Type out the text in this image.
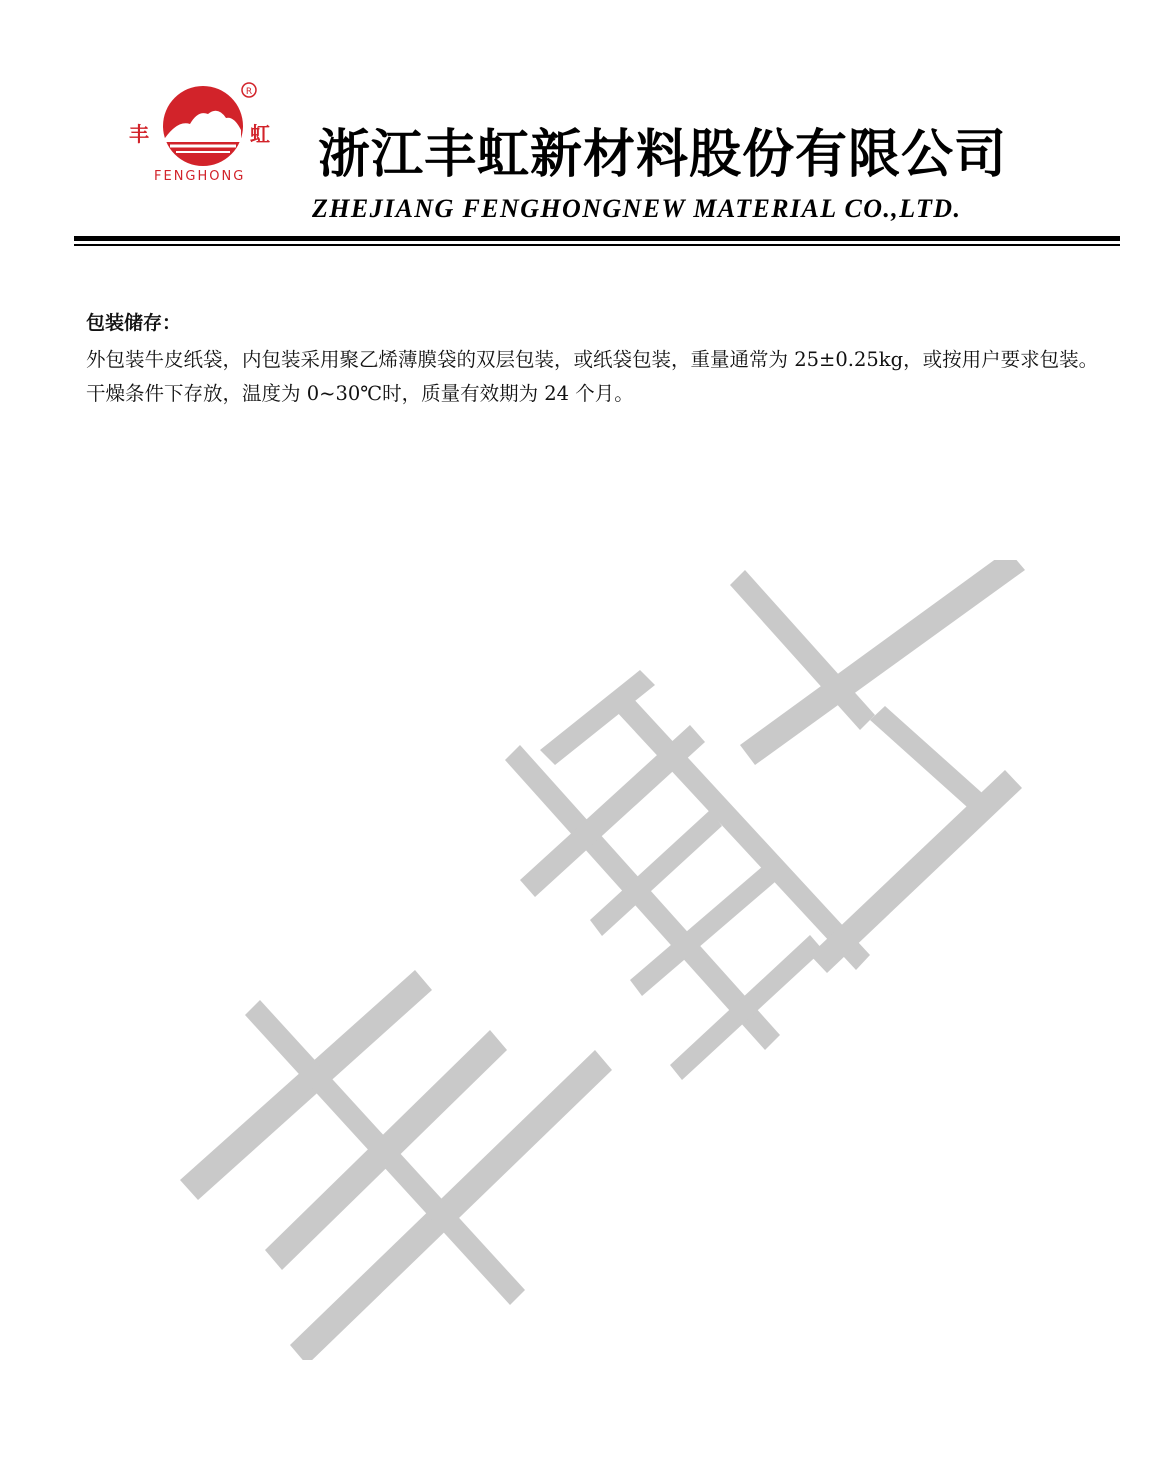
R
丰	虹
FENGHONG 浙江丰虹新材料股份有限公司
ZHEJIANG FENGHONGNEW MATERIAL CO.,LTD.
包装储存：

外包装牛皮纸袋，内包装采用聚乙烯薄膜袋的双层包装，或纸袋包装，重量通常为 25±0.25kg，或按用户要求包装。干燥条件下存放，温度为 0~30℃时，质量有效期为 24 个月。
